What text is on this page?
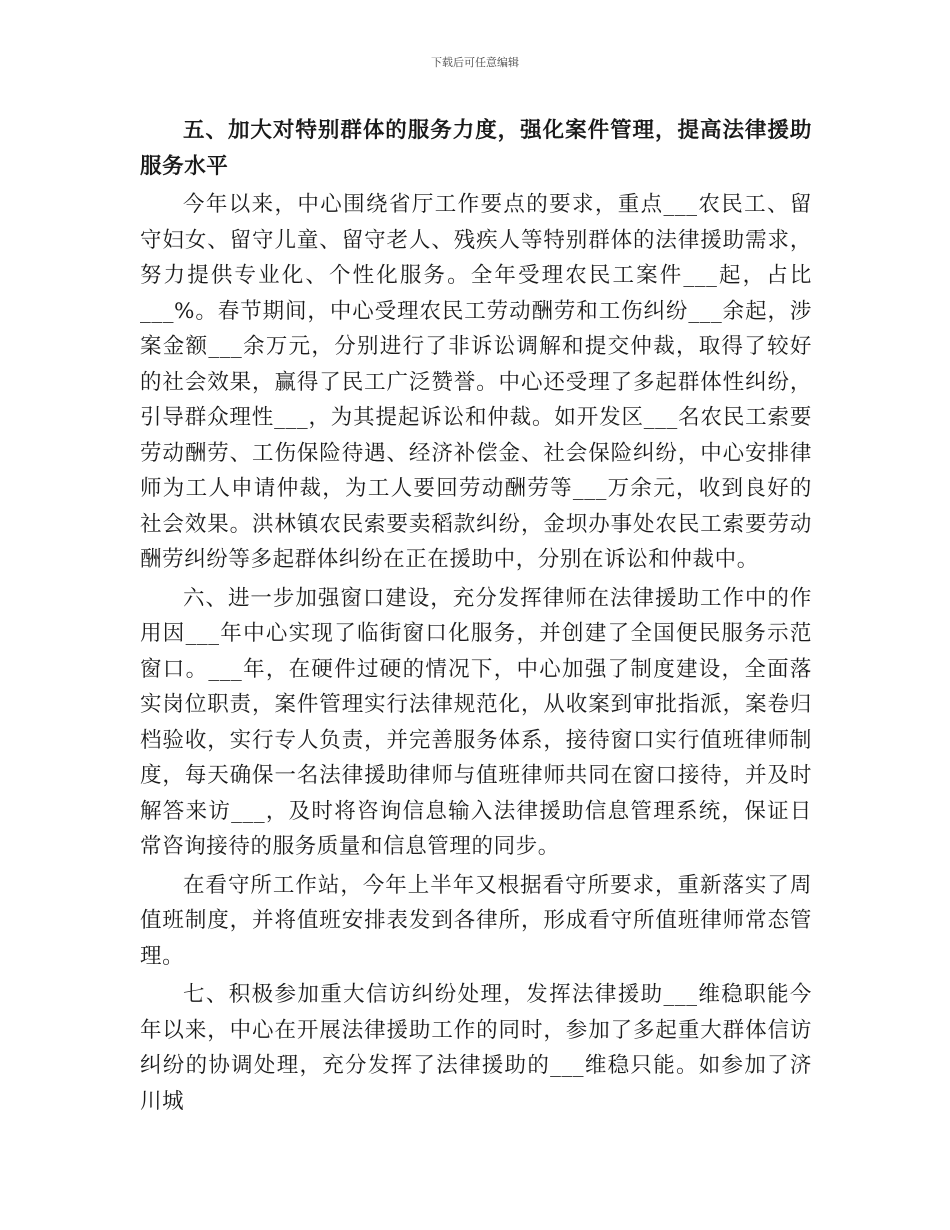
下载后可任意编辑

五、加大对特别群体的服务力度，强化案件管理，提高法律援助服务水平

今年以来，中心围绕省厅工作要点的要求，重点___农民工、留守妇女、留守儿童、留守老人、残疾人等特别群体的法律援助需求，努力提供专业化、个性化服务。全年受理农民工案件___起，占比___%。春节期间，中心受理农民工劳动酬劳和工伤纠纷___余起，涉案金额___余万元，分别进行了非诉讼调解和提交仲裁，取得了较好的社会效果，赢得了民工广泛赞誉。中心还受理了多起群体性纠纷，引导群众理性___，为其提起诉讼和仲裁。如开发区___名农民工索要劳动酬劳、工伤保险待遇、经济补偿金、社会保险纠纷，中心安排律师为工人申请仲裁，为工人要回劳动酬劳等___万余元，收到良好的社会效果。洪林镇农民索要卖稻款纠纷，金坝办事处农民工索要劳动酬劳纠纷等多起群体纠纷在正在援助中，分别在诉讼和仲裁中。

六、进一步加强窗口建设，充分发挥律师在法律援助工作中的作用因___年中心实现了临街窗口化服务，并创建了全国便民服务示范窗口。___年，在硬件过硬的情况下，中心加强了制度建设，全面落实岗位职责，案件管理实行法律规范化，从收案到审批指派，案卷归档验收，实行专人负责，并完善服务体系，接待窗口实行值班律师制度，每天确保一名法律援助律师与值班律师共同在窗口接待，并及时解答来访___，及时将咨询信息输入法律援助信息管理系统，保证日常咨询接待的服务质量和信息管理的同步。

在看守所工作站，今年上半年又根据看守所要求，重新落实了周值班制度，并将值班安排表发到各律所，形成看守所值班律师常态管理。

七、积极参加重大信访纠纷处理，发挥法律援助___维稳职能今年以来，中心在开展法律援助工作的同时，参加了多起重大群体信访纠纷的协调处理，充分发挥了法律援助的___维稳只能。如参加了济川城
